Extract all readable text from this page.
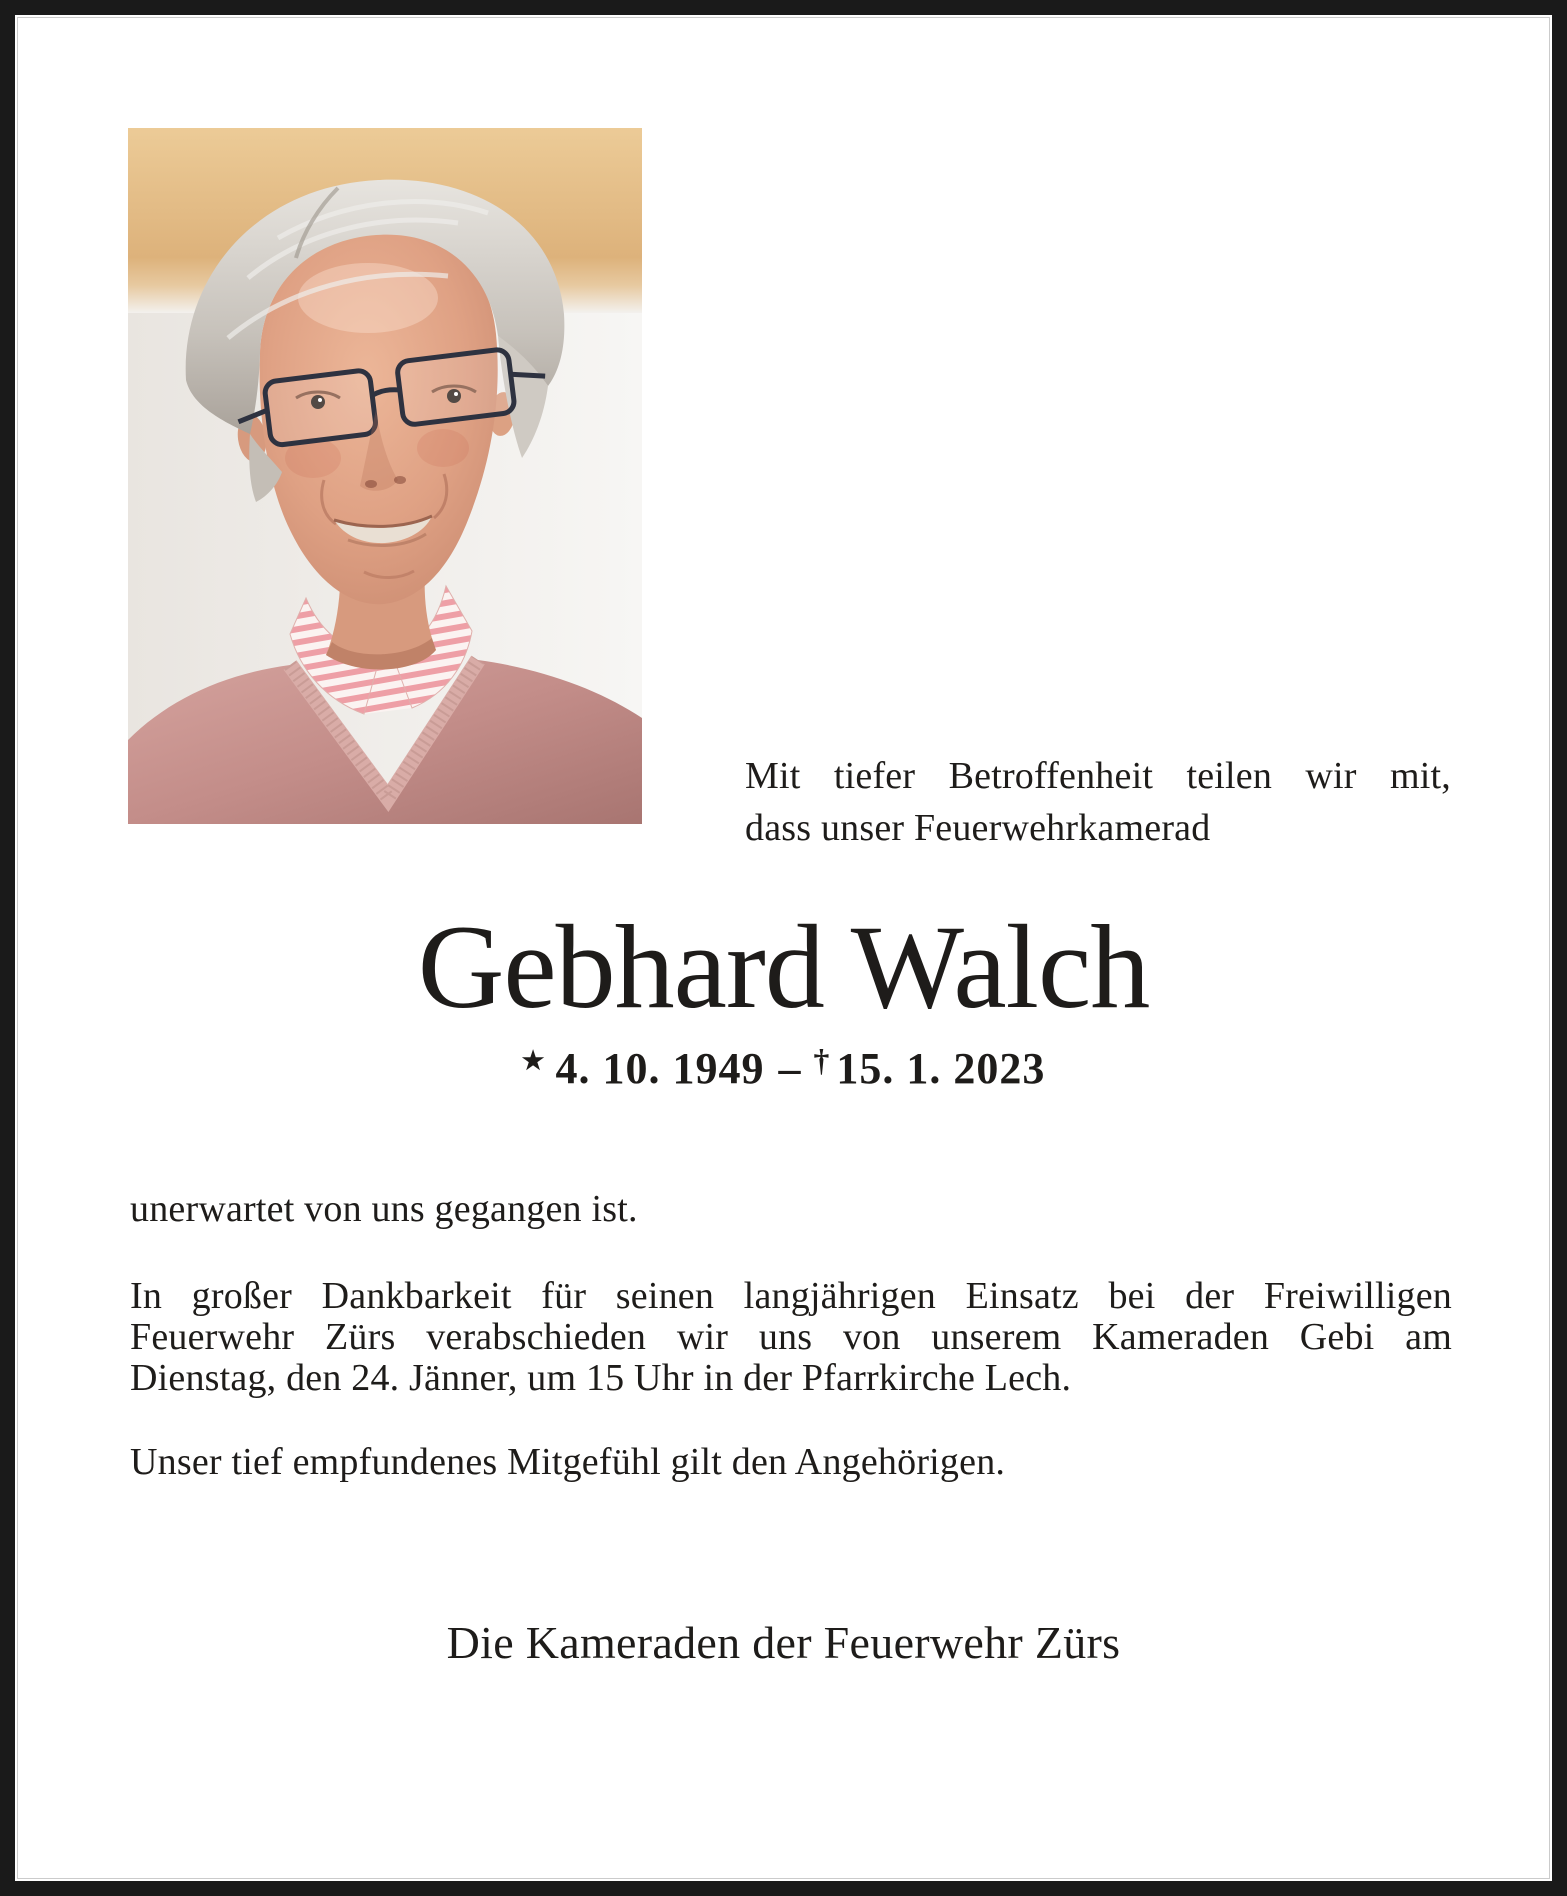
Mit tiefer Betroffenheit teilen wir mit,
dass unser Feuerwehrkamerad
Gebhard Walch
★ 4. 10. 1949 – † 15. 1. 2023
unerwartet von uns gegangen ist.
In großer Dankbarkeit für seinen langjährigen Einsatz bei der Freiwilligen
Feuerwehr Zürs verabschieden wir uns von unserem Kameraden Gebi am
Dienstag, den 24. Jänner, um 15 Uhr in der Pfarrkirche Lech.
Unser tief empfundenes Mitgefühl gilt den Angehörigen.
Die Kameraden der Feuerwehr Zürs
